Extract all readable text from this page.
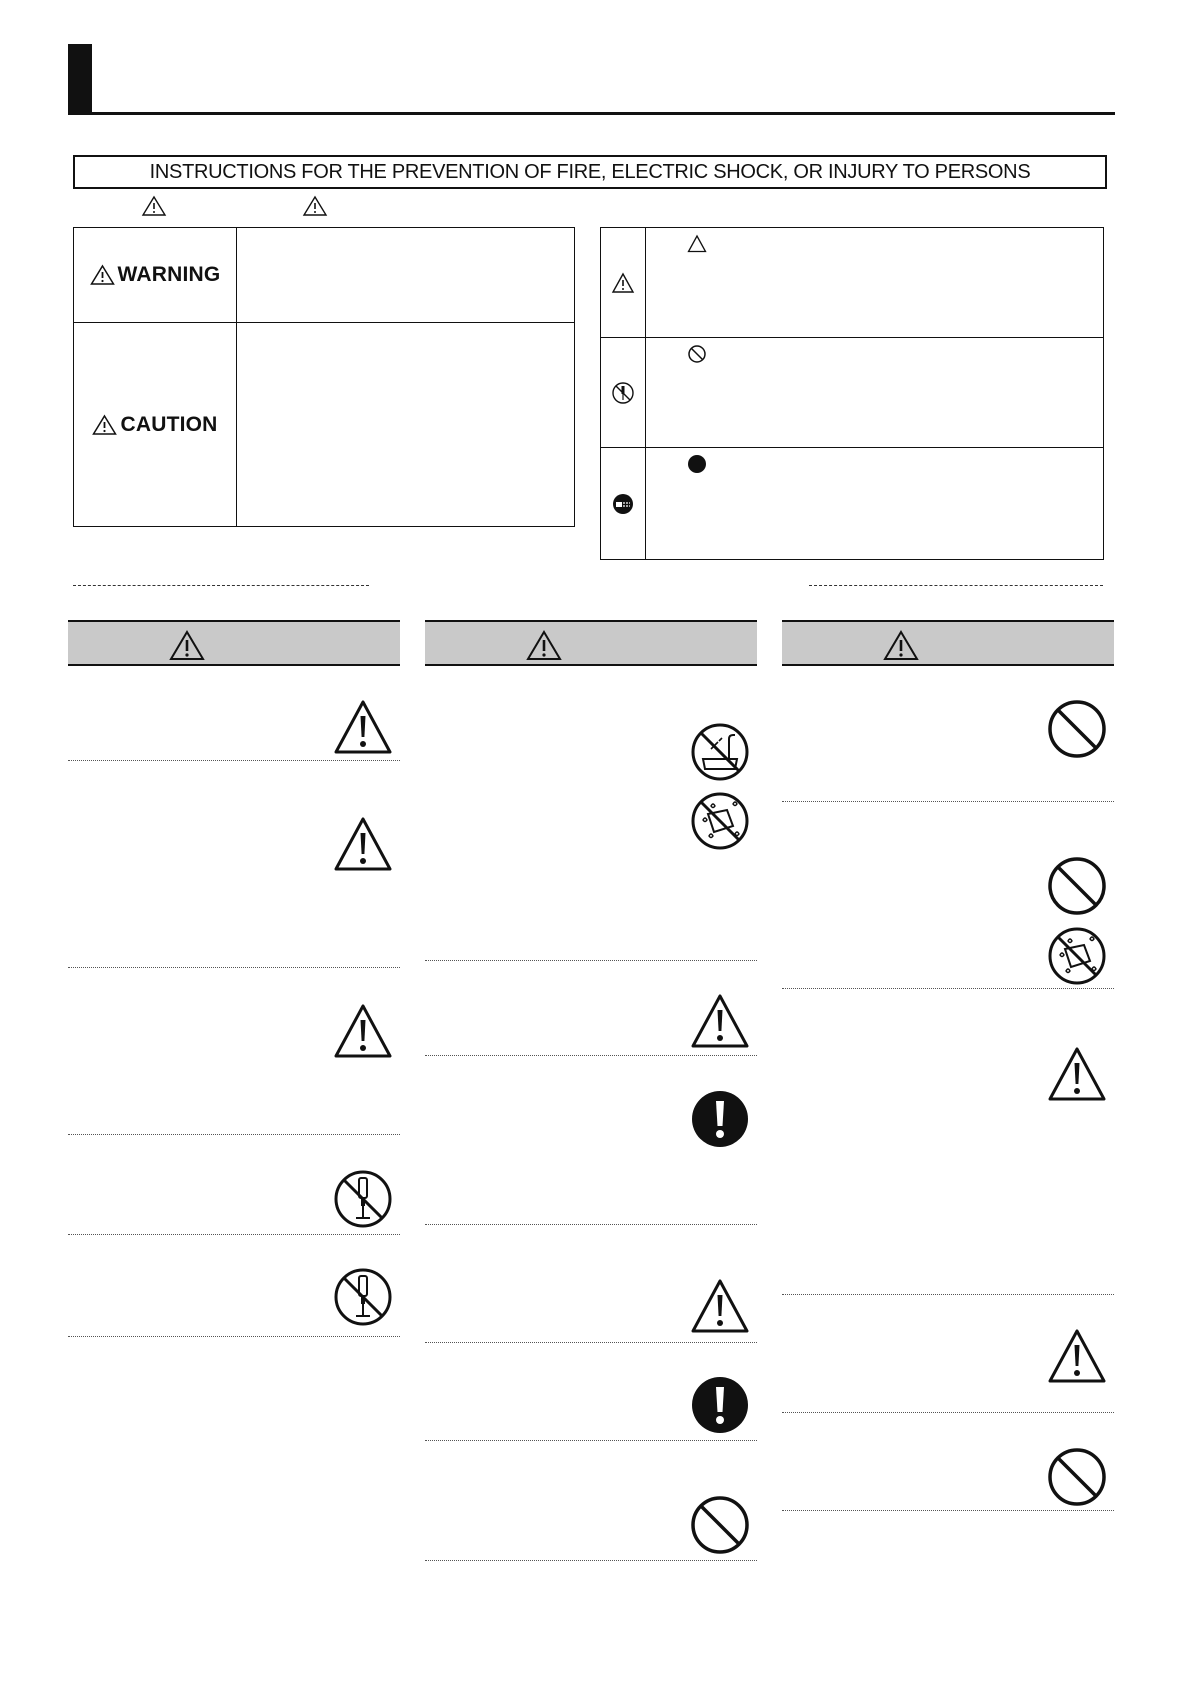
INSTRUCTIONS FOR THE PREVENTION OF FIRE, ELECTRIC SHOCK, OR INJURY TO PERSONS
WARNING
CAUTION
